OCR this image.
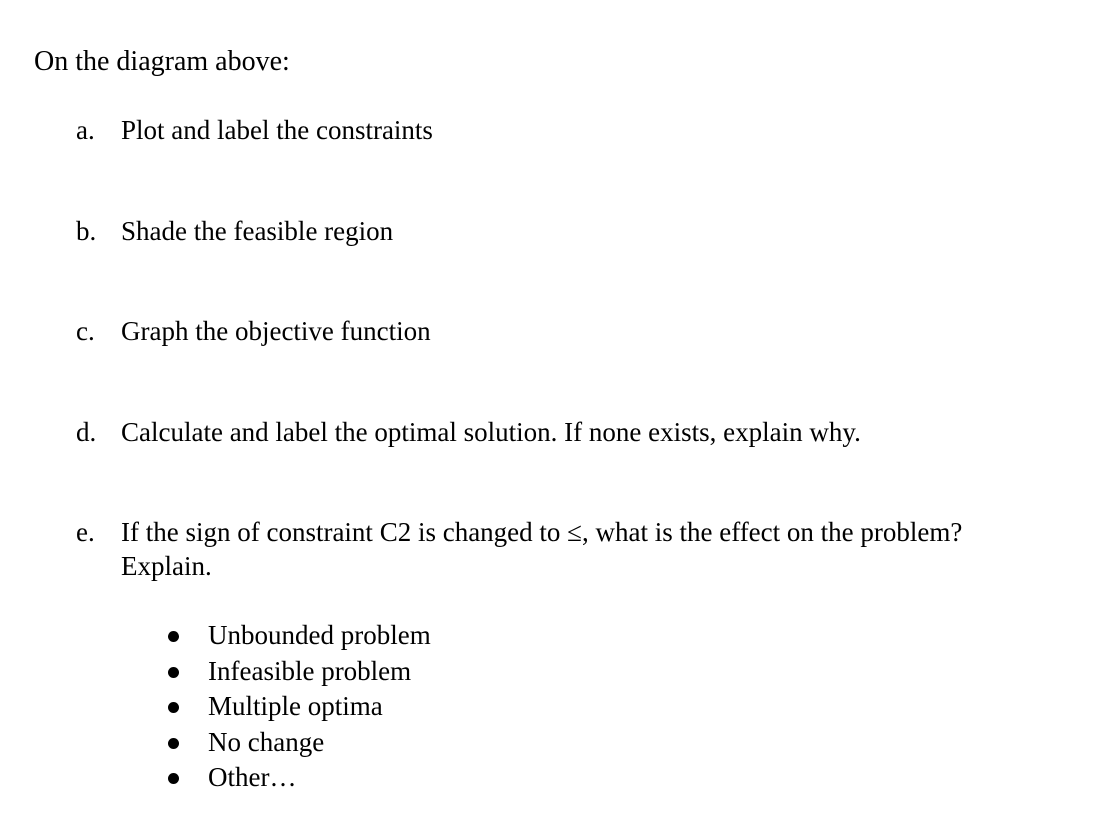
On the diagram above:
a. Plot and label the constraints
b. Shade the feasible region
c. Graph the objective function
d. Calculate and label the optimal solution. If none exists, explain why.
e. If the sign of constraint C2 is changed to ≤, what is the effect on the problem?
Explain.
Unbounded problem
Infeasible problem
Multiple optima
No change
Other…
